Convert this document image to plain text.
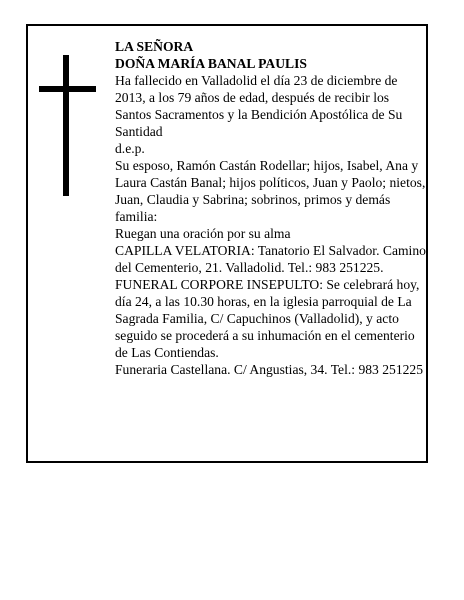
LA SEÑORA

DOÑA MARÍA BANAL PAULIS

Ha fallecido en Valladolid el día 23 de diciembre de 2013, a los 79 años de edad, después de recibir los Santos Sacramentos y la Bendición Apostólica de Su Santidad

d.e.p.

Su esposo, Ramón Castán Rodellar; hijos, Isabel, Ana y Laura Castán Banal; hijos políticos, Juan y Paolo; nietos, Juan, Claudia y Sabrina; sobrinos, primos y demás familia:

Ruegan una oración por su alma

CAPILLA VELATORIA: Tanatorio El Salvador. Camino del Cementerio, 21. Valladolid. Tel.: 983 251225.

FUNERAL CORPORE INSEPULTO: Se celebrará hoy, día 24, a las 10.30 horas, en la iglesia parroquial de La Sagrada Familia, C/ Capuchinos (Valladolid), y acto seguido se procederá a su inhumación en el cementerio de Las Contiendas.

Funeraria Castellana. C/ Angustias, 34. Tel.: 983 251225
